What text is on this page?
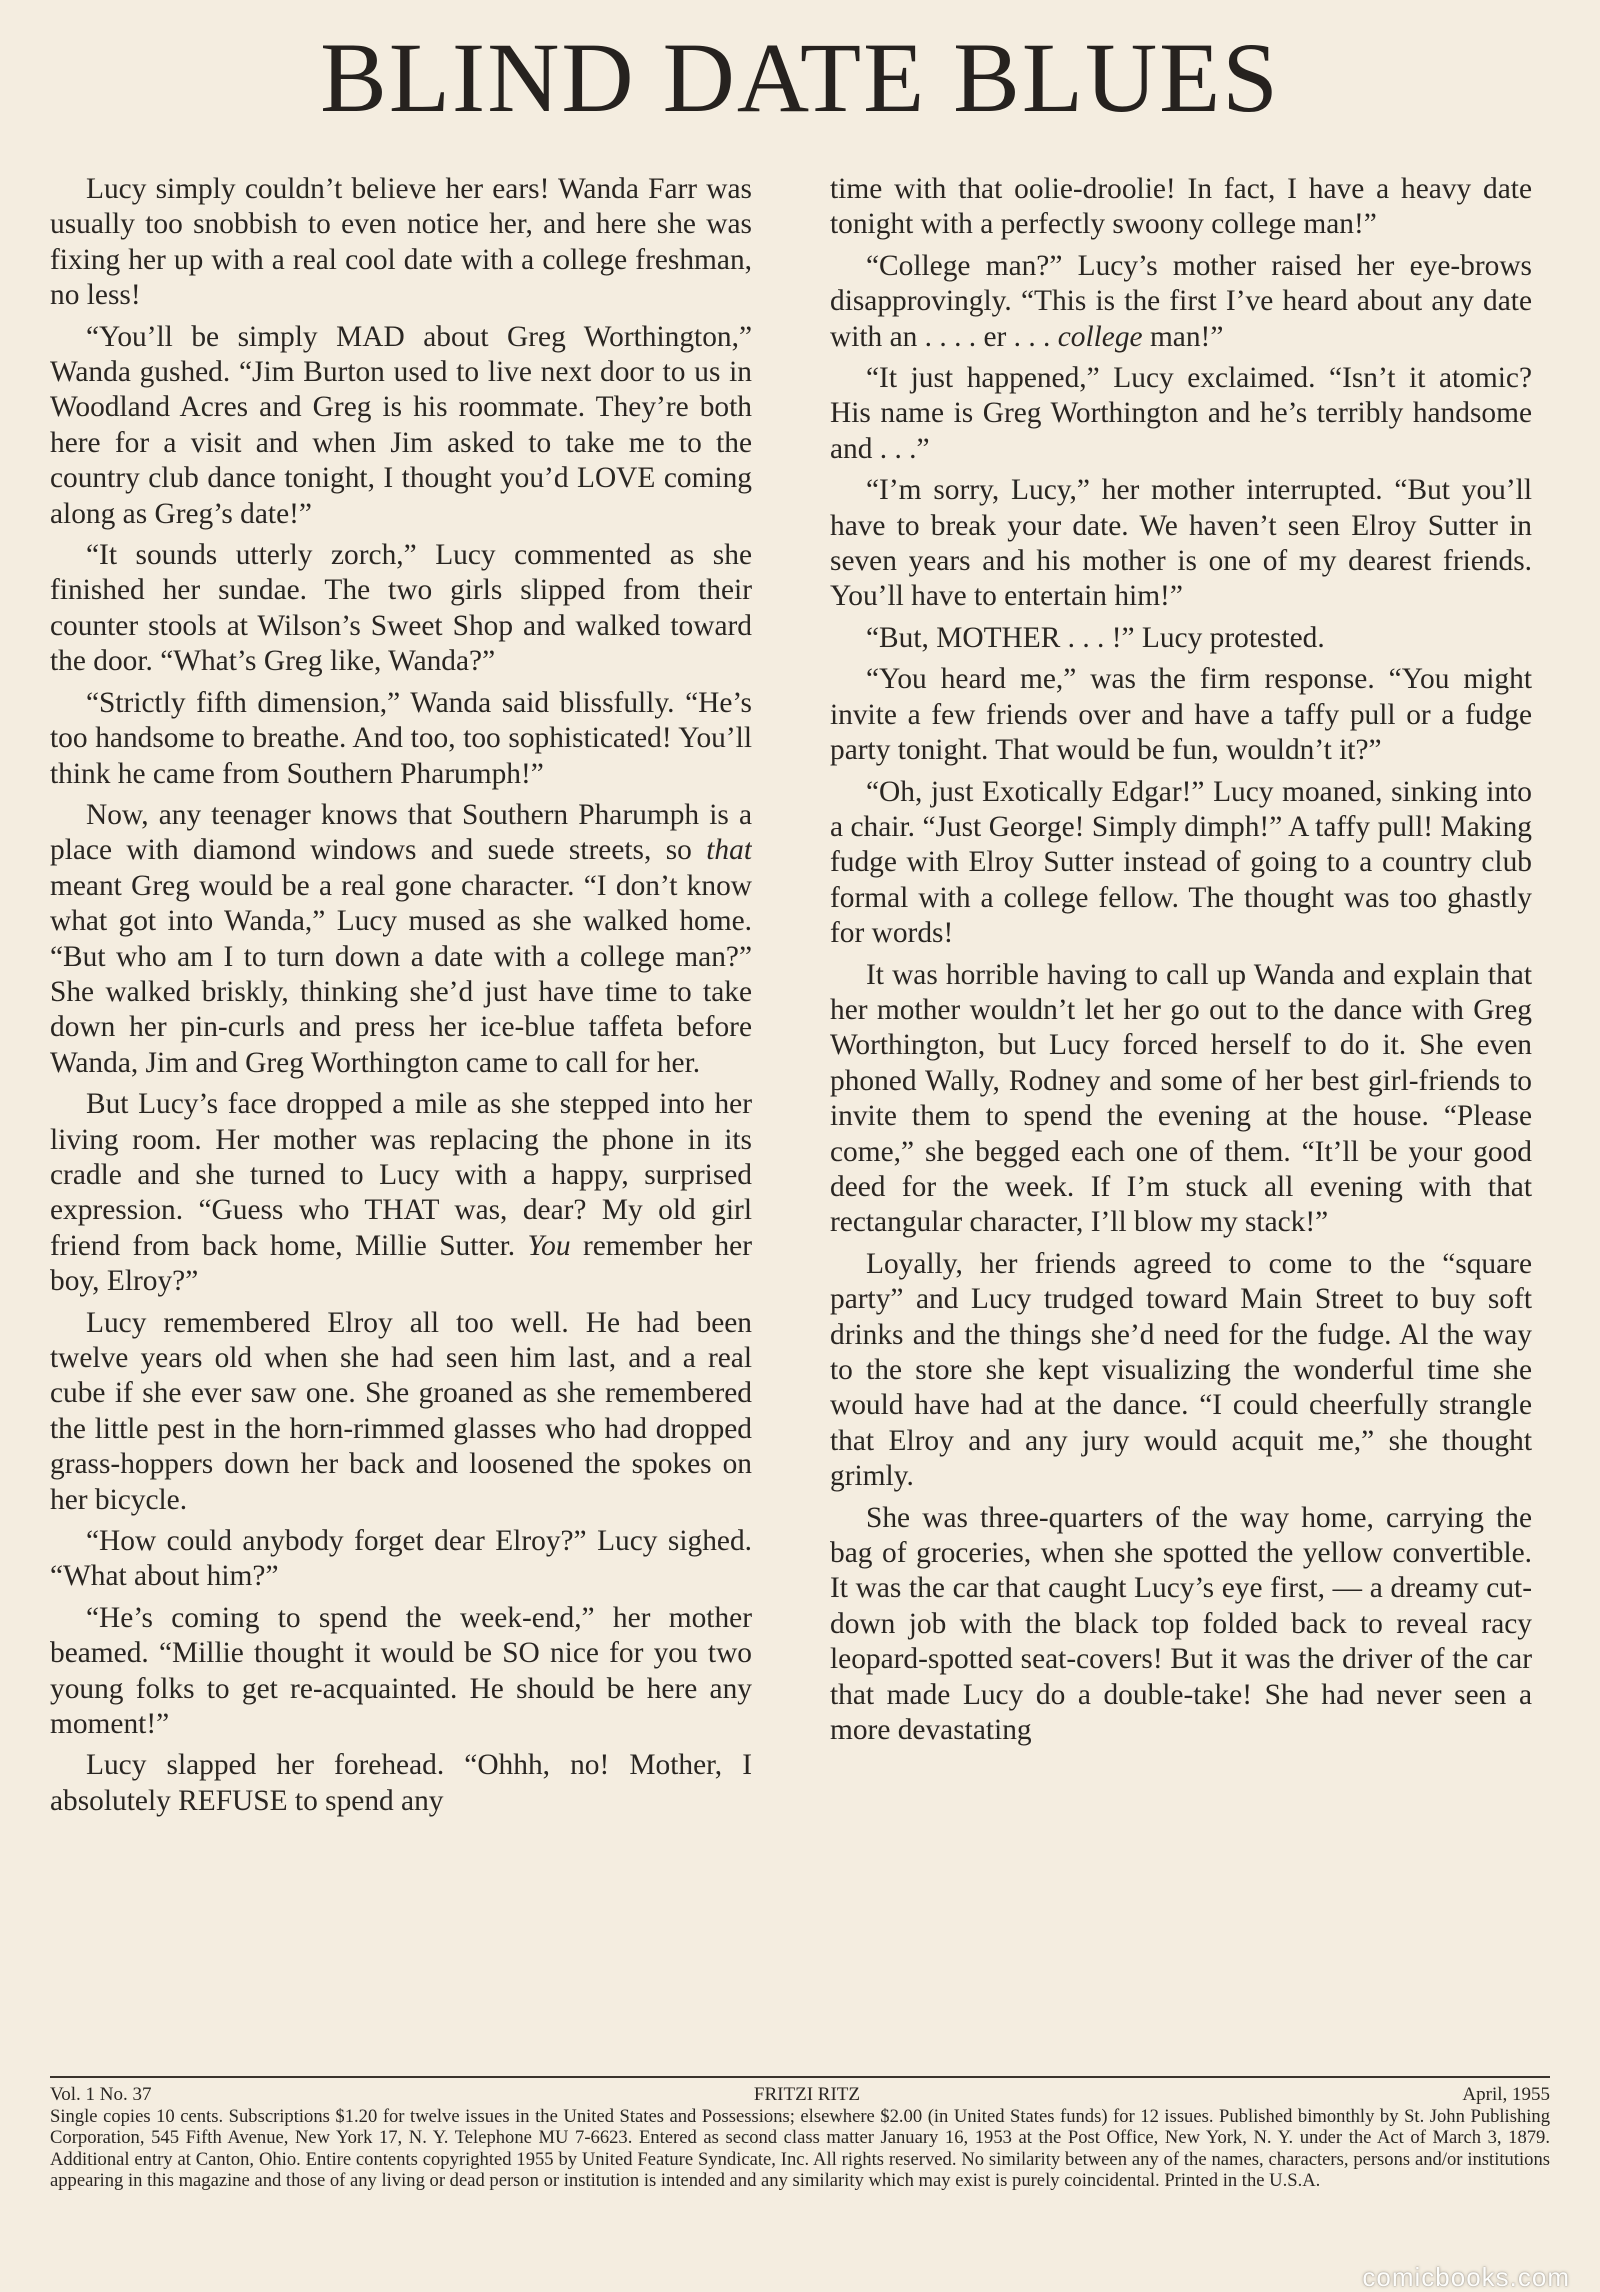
BLIND DATE BLUES

Lucy simply couldn’t believe her ears! Wanda Farr was usually too snobbish to even notice her, and here she was fixing her up with a real cool date with a college freshman, no less!

“You’ll be simply MAD about Greg Worthington,” Wanda gushed. “Jim Burton used to live next door to us in Woodland Acres and Greg is his roommate. They’re both here for a visit and when Jim asked to take me to the country club dance tonight, I thought you’d LOVE coming along as Greg’s date!”

“It sounds utterly zorch,” Lucy commented as she finished her sundae. The two girls slipped from their counter stools at Wilson’s Sweet Shop and walked toward the door. “What’s Greg like, Wanda?”

“Strictly fifth dimension,” Wanda said blissfully. “He’s too handsome to breathe. And too, too sophisticated! You’ll think he came from Southern Pharumph!”

Now, any teenager knows that Southern Pharumph is a place with diamond windows and suede streets, so that meant Greg would be a real gone character. “I don’t know what got into Wanda,” Lucy mused as she walked home. “But who am I to turn down a date with a college man?” She walked briskly, thinking she’d just have time to take down her pin-curls and press her ice-blue taffeta before Wanda, Jim and Greg Worthington came to call for her.

But Lucy’s face dropped a mile as she stepped into her living room. Her mother was replacing the phone in its cradle and she turned to Lucy with a happy, surprised expression. “Guess who THAT was, dear? My old girl friend from back home, Millie Sutter. You remember her boy, Elroy?”

Lucy remembered Elroy all too well. He had been twelve years old when she had seen him last, and a real cube if she ever saw one. She groaned as she remembered the little pest in the horn-rimmed glasses who had dropped grass-hoppers down her back and loosened the spokes on her bicycle.

“How could anybody forget dear Elroy?” Lucy sighed. “What about him?”

“He’s coming to spend the week-end,” her mother beamed. “Millie thought it would be SO nice for you two young folks to get re-acquainted. He should be here any moment!”

Lucy slapped her forehead. “Ohhh, no! Mother, I absolutely REFUSE to spend any

time with that oolie-droolie! In fact, I have a heavy date tonight with a perfectly swoony college man!”

“College man?” Lucy’s mother raised her eye-brows disapprovingly. “This is the first I’ve heard about any date with an . . . . er . . . college man!”

“It just happened,” Lucy exclaimed. “Isn’t it atomic? His name is Greg Worthington and he’s terribly handsome and . . .”

“I’m sorry, Lucy,” her mother interrupted. “But you’ll have to break your date. We haven’t seen Elroy Sutter in seven years and his mother is one of my dearest friends. You’ll have to entertain him!”

“But, MOTHER . . . !” Lucy protested.

“You heard me,” was the firm response. “You might invite a few friends over and have a taffy pull or a fudge party tonight. That would be fun, wouldn’t it?”

“Oh, just Exotically Edgar!” Lucy moaned, sinking into a chair. “Just George! Simply dimph!” A taffy pull! Making fudge with Elroy Sutter instead of going to a country club formal with a college fellow. The thought was too ghastly for words!

It was horrible having to call up Wanda and explain that her mother wouldn’t let her go out to the dance with Greg Worthington, but Lucy forced herself to do it. She even phoned Wally, Rodney and some of her best girl-friends to invite them to spend the evening at the house. “Please come,” she begged each one of them. “It’ll be your good deed for the week. If I’m stuck all evening with that rectangular character, I’ll blow my stack!”

Loyally, her friends agreed to come to the “square party” and Lucy trudged toward Main Street to buy soft drinks and the things she’d need for the fudge. Al the way to the store she kept visualizing the wonderful time she would have had at the dance. “I could cheerfully strangle that Elroy and any jury would acquit me,” she thought grimly.

She was three-quarters of the way home, carrying the bag of groceries, when she spotted the yellow convertible. It was the car that caught Lucy’s eye first, — a dreamy cut-down job with the black top folded back to reveal racy leopard-spotted seat-covers! But it was the driver of the car that made Lucy do a double-take! She had never seen a more devastating

Vol. 1 No. 37	FRITZI RITZ	April, 1955
Single copies 10 cents. Subscriptions $1.20 for twelve issues in the United States and Possessions; elsewhere $2.00 (in United States funds) for 12 issues. Published bimonthly by St. John Publishing Corporation, 545 Fifth Avenue, New York 17, N. Y. Telephone MU 7-6623. Entered as second class matter January 16, 1953 at the Post Office, New York, N. Y. under the Act of March 3, 1879. Additional entry at Canton, Ohio. Entire contents copyrighted 1955 by United Feature Syndicate, Inc. All rights reserved. No similarity between any of the names, characters, persons and/or institutions appearing in this magazine and those of any living or dead person or institution is intended and any similarity which may exist is purely coincidental. Printed in the U.S.A.
comicbooks.com
